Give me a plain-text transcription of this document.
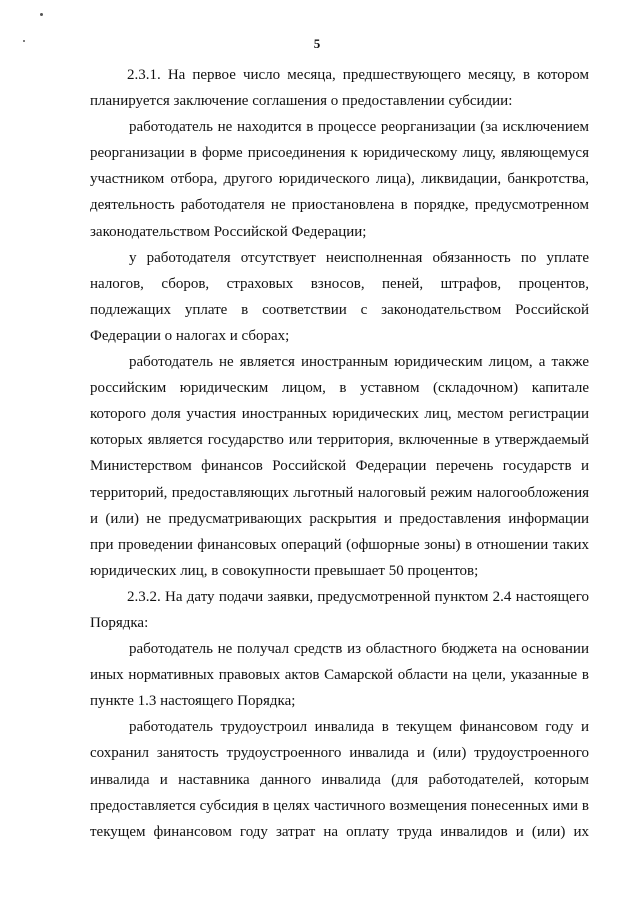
5
2.3.1. На первое число месяца, предшествующего месяцу, в котором
планируется заключение соглашения о предоставлении субсидии:
работодатель не находится в процессе реорганизации (за исключением
реорганизации в форме присоединения к юридическому лицу, являющемуся
участником отбора, другого юридического лица), ликвидации, банкротства,
деятельность работодателя не приостановлена в порядке, предусмотренном
законодательством Российской Федерации;
у работодателя отсутствует неисполненная обязанность по уплате
налогов, сборов, страховых взносов, пеней, штрафов, процентов,
подлежащих уплате в соответствии с законодательством Российской
Федерации о налогах и сборах;
работодатель не является иностранным юридическим лицом, а также
российским юридическим лицом, в уставном (складочном) капитале
которого доля участия иностранных юридических лиц, местом регистрации
которых является государство или территория, включенные в утверждаемый
Министерством финансов Российской Федерации перечень государств и
территорий, предоставляющих льготный налоговый режим налогообложения
и (или) не предусматривающих раскрытия и предоставления информации
при проведении финансовых операций (офшорные зоны) в отношении таких
юридических лиц, в совокупности превышает 50 процентов;
2.3.2. На дату подачи заявки, предусмотренной пунктом 2.4 настоящего
Порядка:
работодатель не получал средств из областного бюджета на основании
иных нормативных правовых актов Самарской области на цели, указанные в
пункте 1.3 настоящего Порядка;
работодатель трудоустроил инвалида в текущем финансовом году и
сохранил занятость трудоустроенного инвалида и (или) трудоустроенного
инвалида и наставника данного инвалида (для работодателей, которым
предоставляется субсидия в целях частичного возмещения понесенных ими в
текущем финансовом году затрат на оплату труда инвалидов и (или) их
